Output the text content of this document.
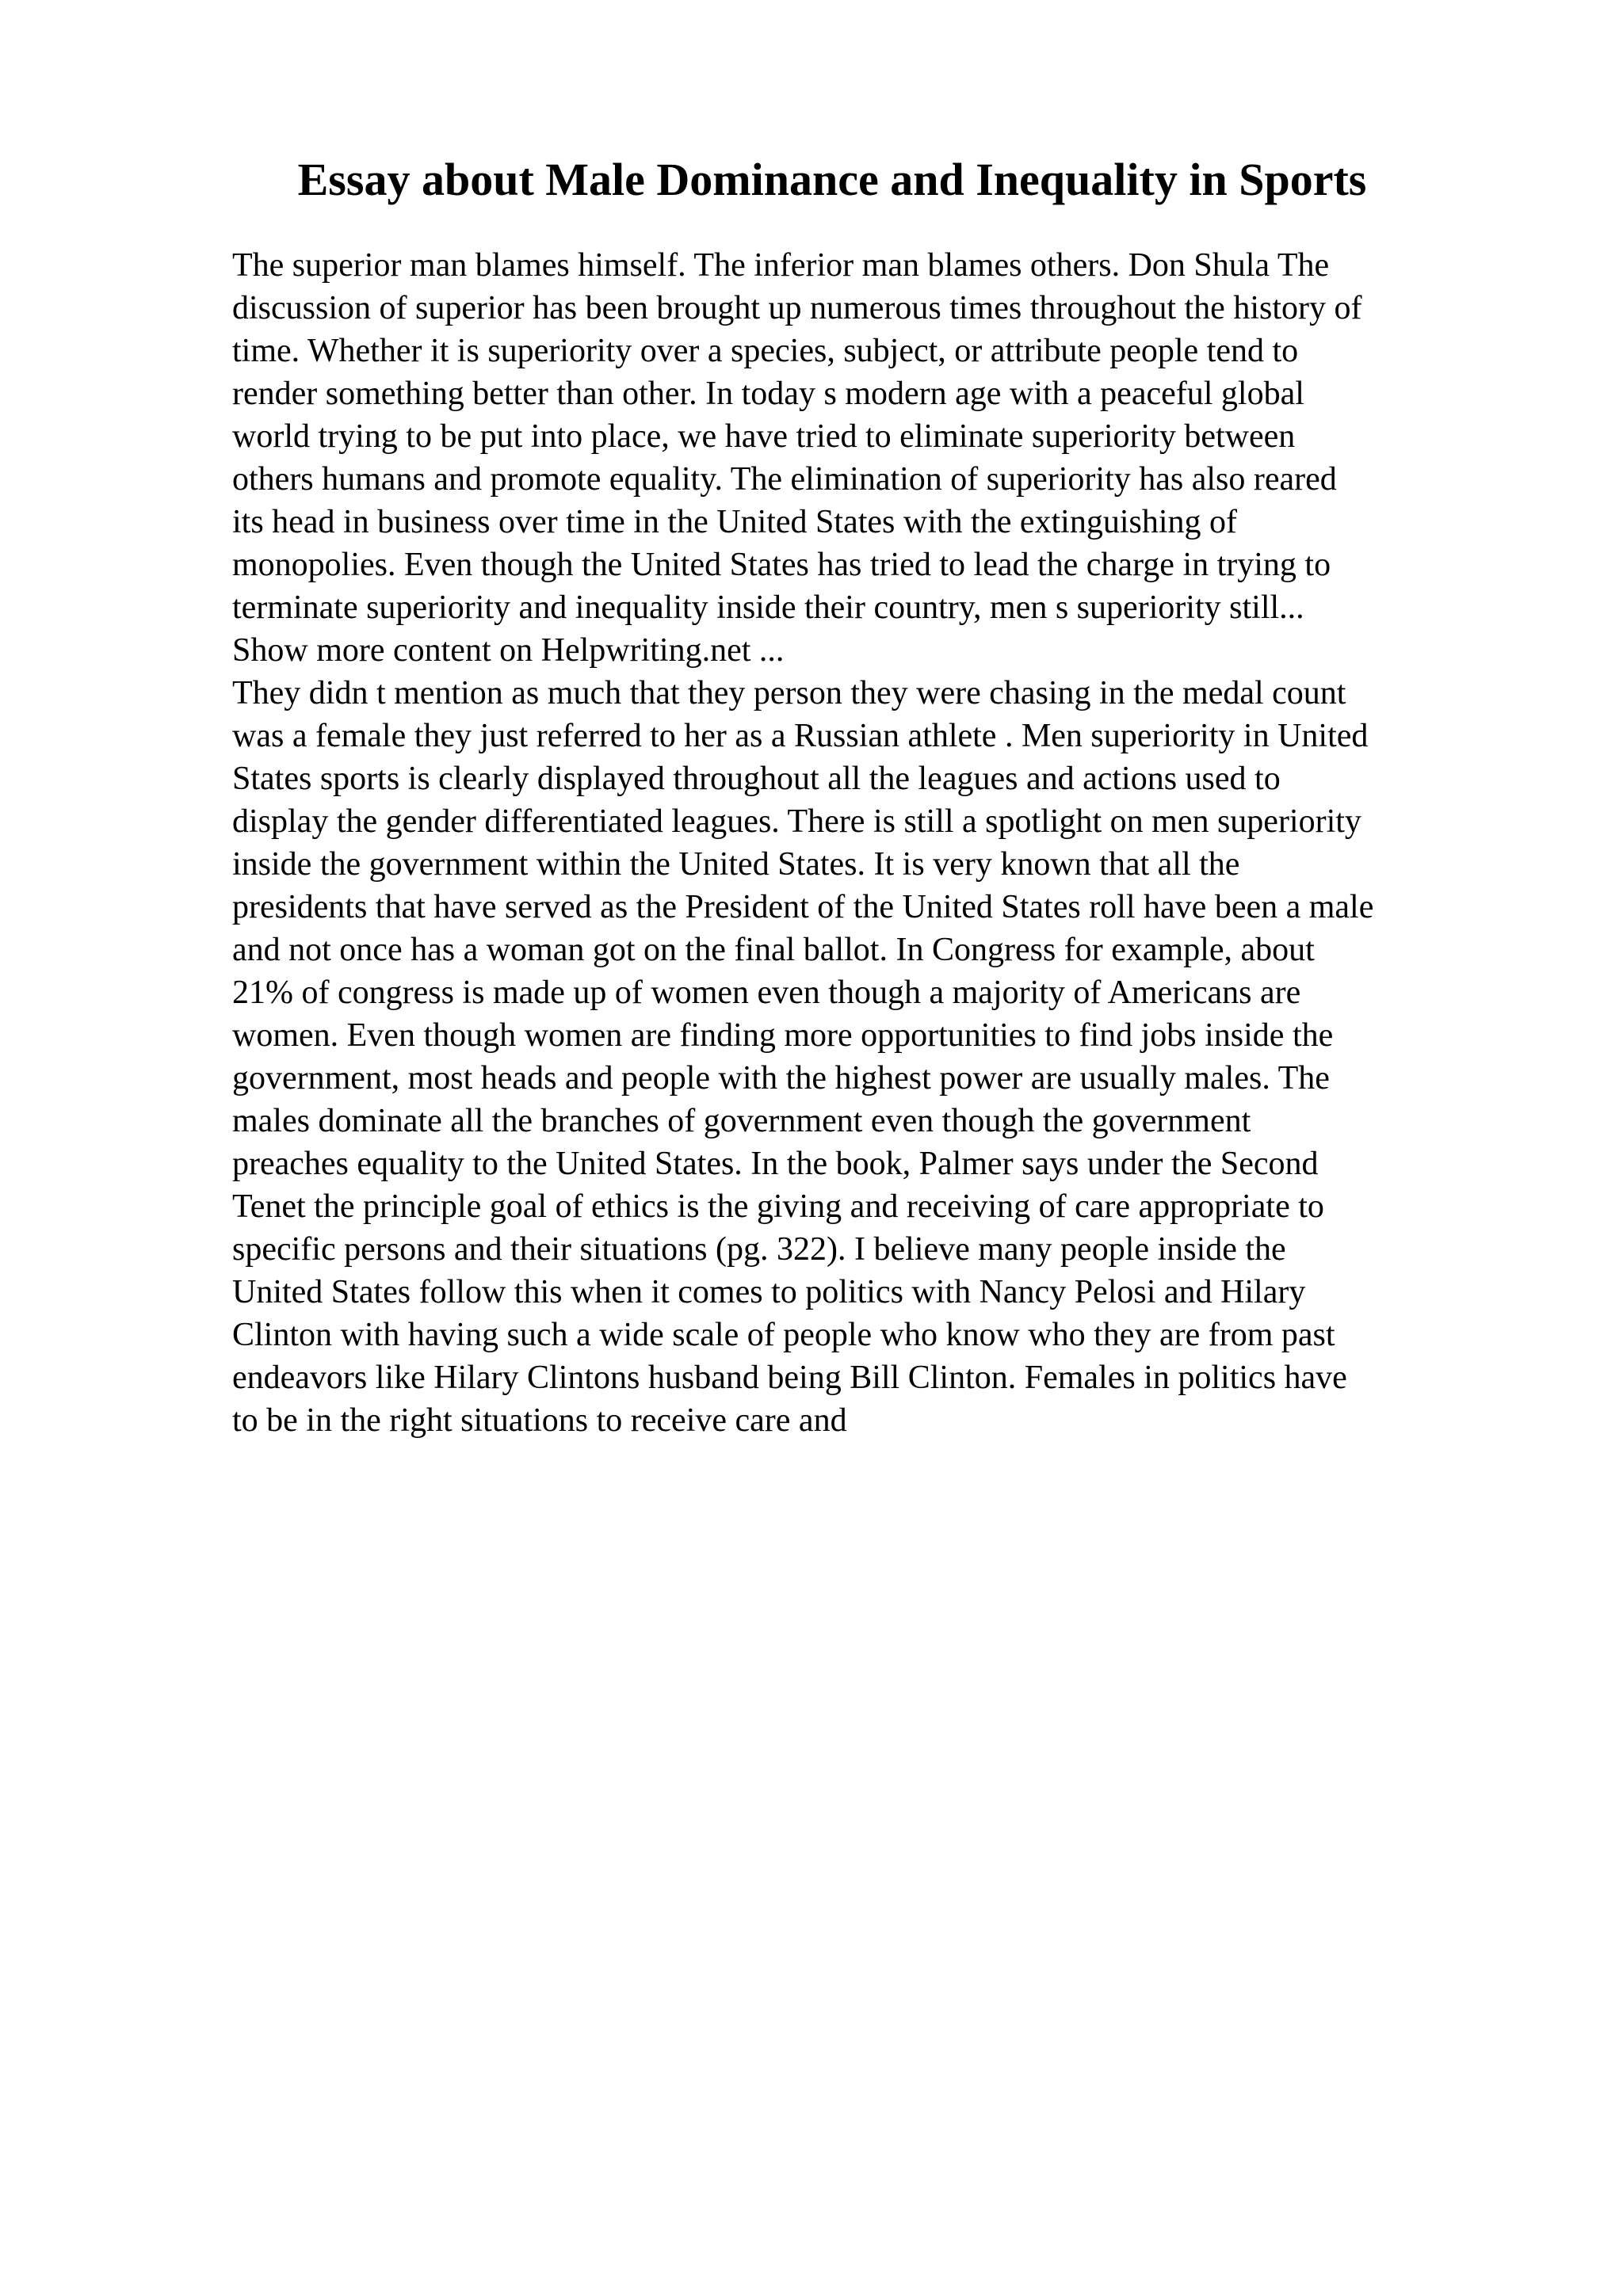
Essay about Male Dominance and Inequality in Sports
The superior man blames himself. The inferior man blames others. Don Shula The
discussion of superior has been brought up numerous times throughout the history of
time. Whether it is superiority over a species, subject, or attribute people tend to
render something better than other. In today s modern age with a peaceful global
world trying to be put into place, we have tried to eliminate superiority between
others humans and promote equality. The elimination of superiority has also reared
its head in business over time in the United States with the extinguishing of
monopolies. Even though the United States has tried to lead the charge in trying to
terminate superiority and inequality inside their country, men s superiority still...
Show more content on Helpwriting.net ...
They didn t mention as much that they person they were chasing in the medal count
was a female they just referred to her as a Russian athlete . Men superiority in United
States sports is clearly displayed throughout all the leagues and actions used to
display the gender differentiated leagues. There is still a spotlight on men superiority
inside the government within the United States. It is very known that all the
presidents that have served as the President of the United States roll have been a male
and not once has a woman got on the final ballot. In Congress for example, about
21% of congress is made up of women even though a majority of Americans are
women. Even though women are finding more opportunities to find jobs inside the
government, most heads and people with the highest power are usually males. The
males dominate all the branches of government even though the government
preaches equality to the United States. In the book, Palmer says under the Second
Tenet the principle goal of ethics is the giving and receiving of care appropriate to
specific persons and their situations (pg. 322). I believe many people inside the
United States follow this when it comes to politics with Nancy Pelosi and Hilary
Clinton with having such a wide scale of people who know who they are from past
endeavors like Hilary Clintons husband being Bill Clinton. Females in politics have
to be in the right situations to receive care and
